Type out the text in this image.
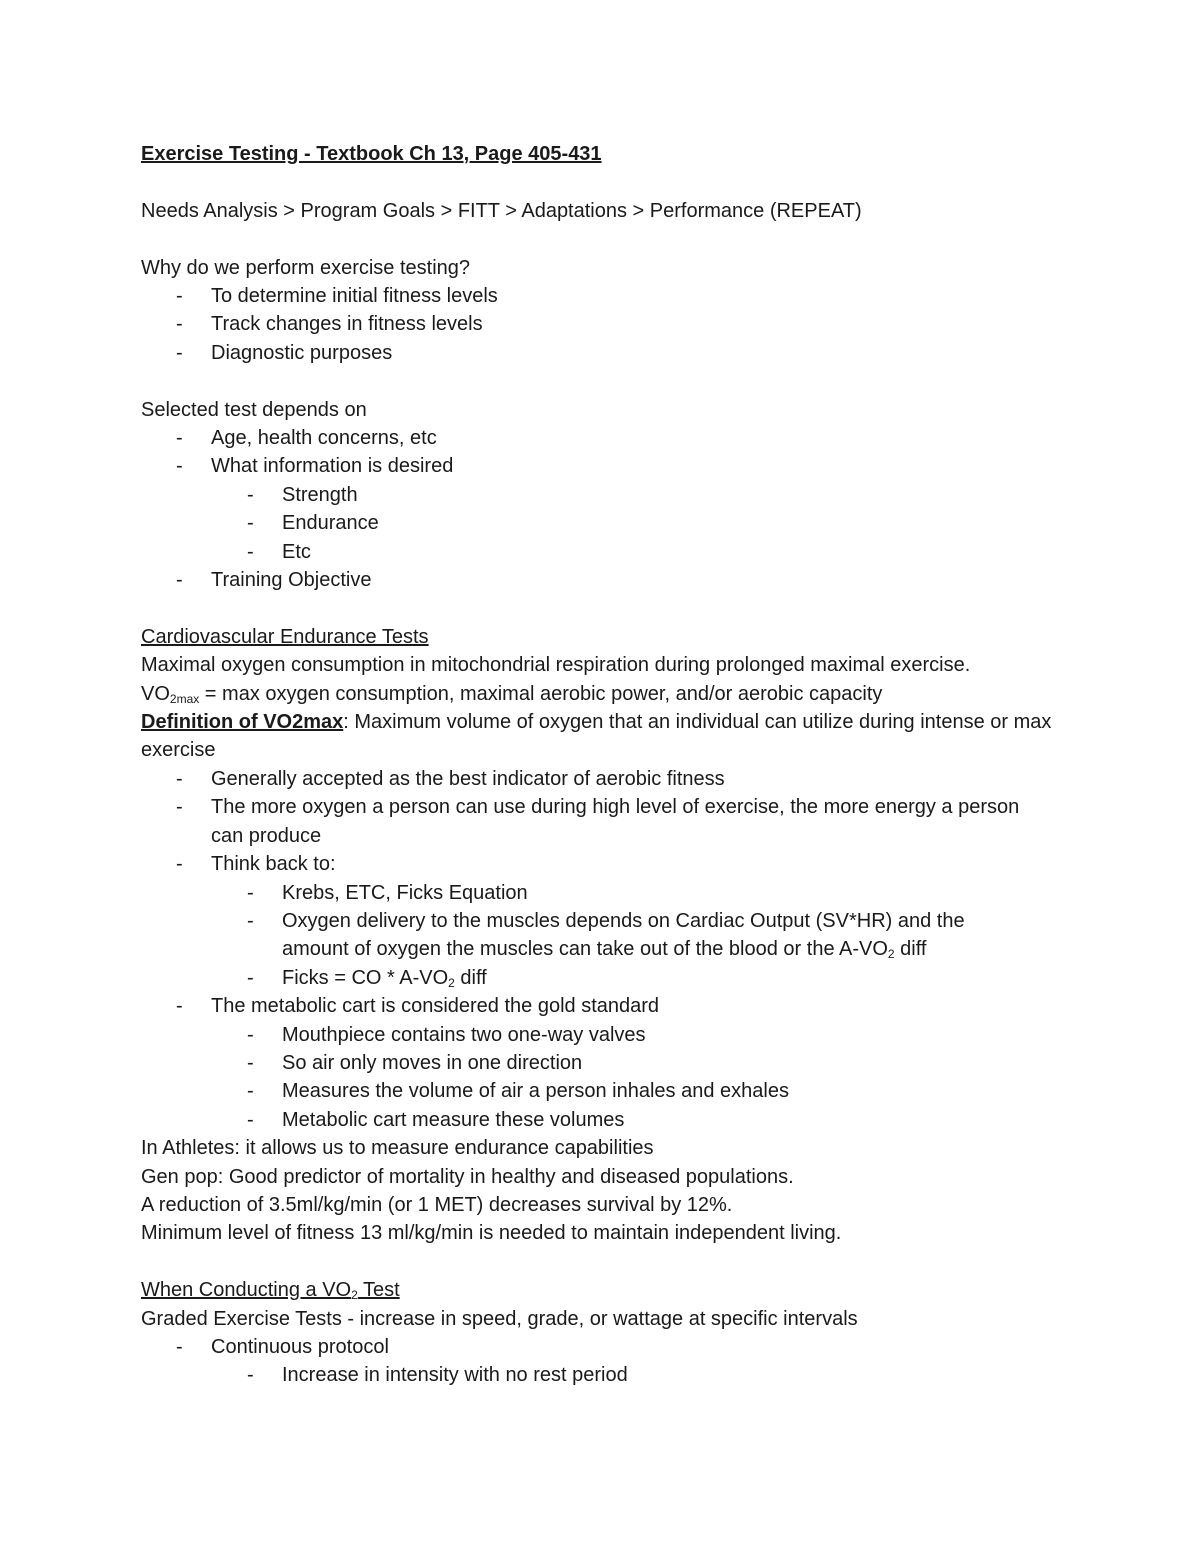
Exercise Testing - Textbook Ch 13, Page 405-431
Needs Analysis > Program Goals > FITT > Adaptations > Performance (REPEAT)
Why do we perform exercise testing?
- To determine initial fitness levels
- Track changes in fitness levels
- Diagnostic purposes
Selected test depends on
- Age, health concerns, etc
- What information is desired
- Strength
- Endurance
- Etc
- Training Objective
Cardiovascular Endurance Tests
Maximal oxygen consumption in mitochondrial respiration during prolonged maximal exercise.
$VO_{2max} = \max$ oxygen consumption, maximal aerobic power, and/or aerobic capacity
Definition of VO2max: Maximum volume of oxygen that an individual can utilize during intense or max exercise
- Generally accepted as the best indicator of aerobic fitness
- The more oxygen a person can use during high level of exercise, the more energy a person can produce
- Think back to:
- Krebs, ETC, Ficks Equation
- Oxygen delivery to the muscles depends on Cardiac Output (SV*HR) and the amount of oxygen the muscles can take out of the blood or the $A-VO_2$ diff
- Ficks = CO * $A-VO_2$ diff
- The metabolic cart is considered the gold standard
- Mouthpiece contains two one-way valves
- So air only moves in one direction
- Measures the volume of air a person inhales and exhales
- Metabolic cart measure these volumes
In Athletes: it allows us to measure endurance capabilities
Gen pop: Good predictor of mortality in healthy and diseased populations.
A reduction of 3.5ml/kg/min (or 1 MET) decreases survival by 12%.
Minimum level of fitness 13 ml/kg/min is needed to maintain independent living.
When Conducting a $VO_2$ Test
Graded Exercise Tests - increase in speed, grade, or wattage at specific intervals
- Continuous protocol
- Increase in intensity with no rest period
